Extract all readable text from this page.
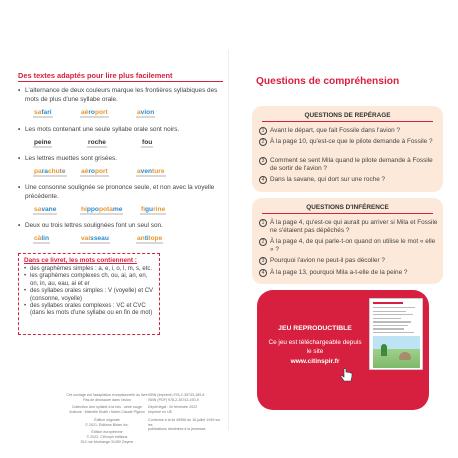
Des textes adaptés pour lire plus facilement
• L'alternance de deux couleurs marque les frontières syllabiques des mots de plus d'une syllabe orale.
safari	aéroport	avion
• Les mots contenant une seule syllabe orale sont noirs.
peine	roche	fou
• Les lettres muettes sont grisées.
parachute aéroport	aventure
• Une consonne soulignée se prononce seule, et non avec la voyelle précédente.
savane	hippopotame	figurine
• Deux ou trois lettres soulignées font un seul son.
câlin	vaisseau	antilope
Dans ce livret, les mots contiennent :
• des graphèmes simples : a, e, i, o, l, m, s, etc.
• les graphèmes complexes ch, ou, ai, an, en, on, in, au, eau, ai et er
• des syllabes orales simples : V (voyelle) et CV (consonne, voyelle)
• des syllabes orales complexes : VC et CVC
(dans les mots d'une syllabe ou en fin de mot)
Cet ouvrage est l'adaptation exceptionnelle du livre
Pas de dinosaure dans l'avion
Collection Une syllabe à la fois - série rouge
Auteure : Michelle Khalil • Marie-Claude Pigeon
Édition originale
© 2021, Éditions Bidan Inc.
Édition européenne
© 2022, Cit'inspir éditions
512 rue Morhange 31450 Deyme
ISBN (imprimé) 978-2-35743-189-8
ISBN (PDF) 978-2-35743-190-5
Dépôt légal : 2e trimestre 2022
Imprimé en UE
Conforme à la loi 49956 du 16 juillet 1949 sur les
publications destinées à la jeunesse
Questions de compréhension
QUESTIONS DE REPÉRAGE
1 Avant le départ, que fait Fossile dans l'avion ?
2 À la page 10, qu'est-ce que le pilote demande à Fossile ?
3 Comment se sent Mila quand le pilote demande à Fossile de sortir de l'avion ?
4 Dans la savane, qui dort sur une roche ?
QUESTIONS D'INFÉRENCE
1 À la page 4, qu'est-ce qui aurait pu arriver si Mila et Fossile ne s'étaient pas dépêchés ?
2 À la page 4, de qui parle-t-on quand on utilise le mot « elle » ?
3 Pourquoi l'avion ne peut-il pas décoller ?
4 À la page 13, pourquoi Mila a-t-elle de la peine ?
JEU REPRODUCTIBLE
Ce jeu est téléchargeable depuis le site
www.citinspir.fr
